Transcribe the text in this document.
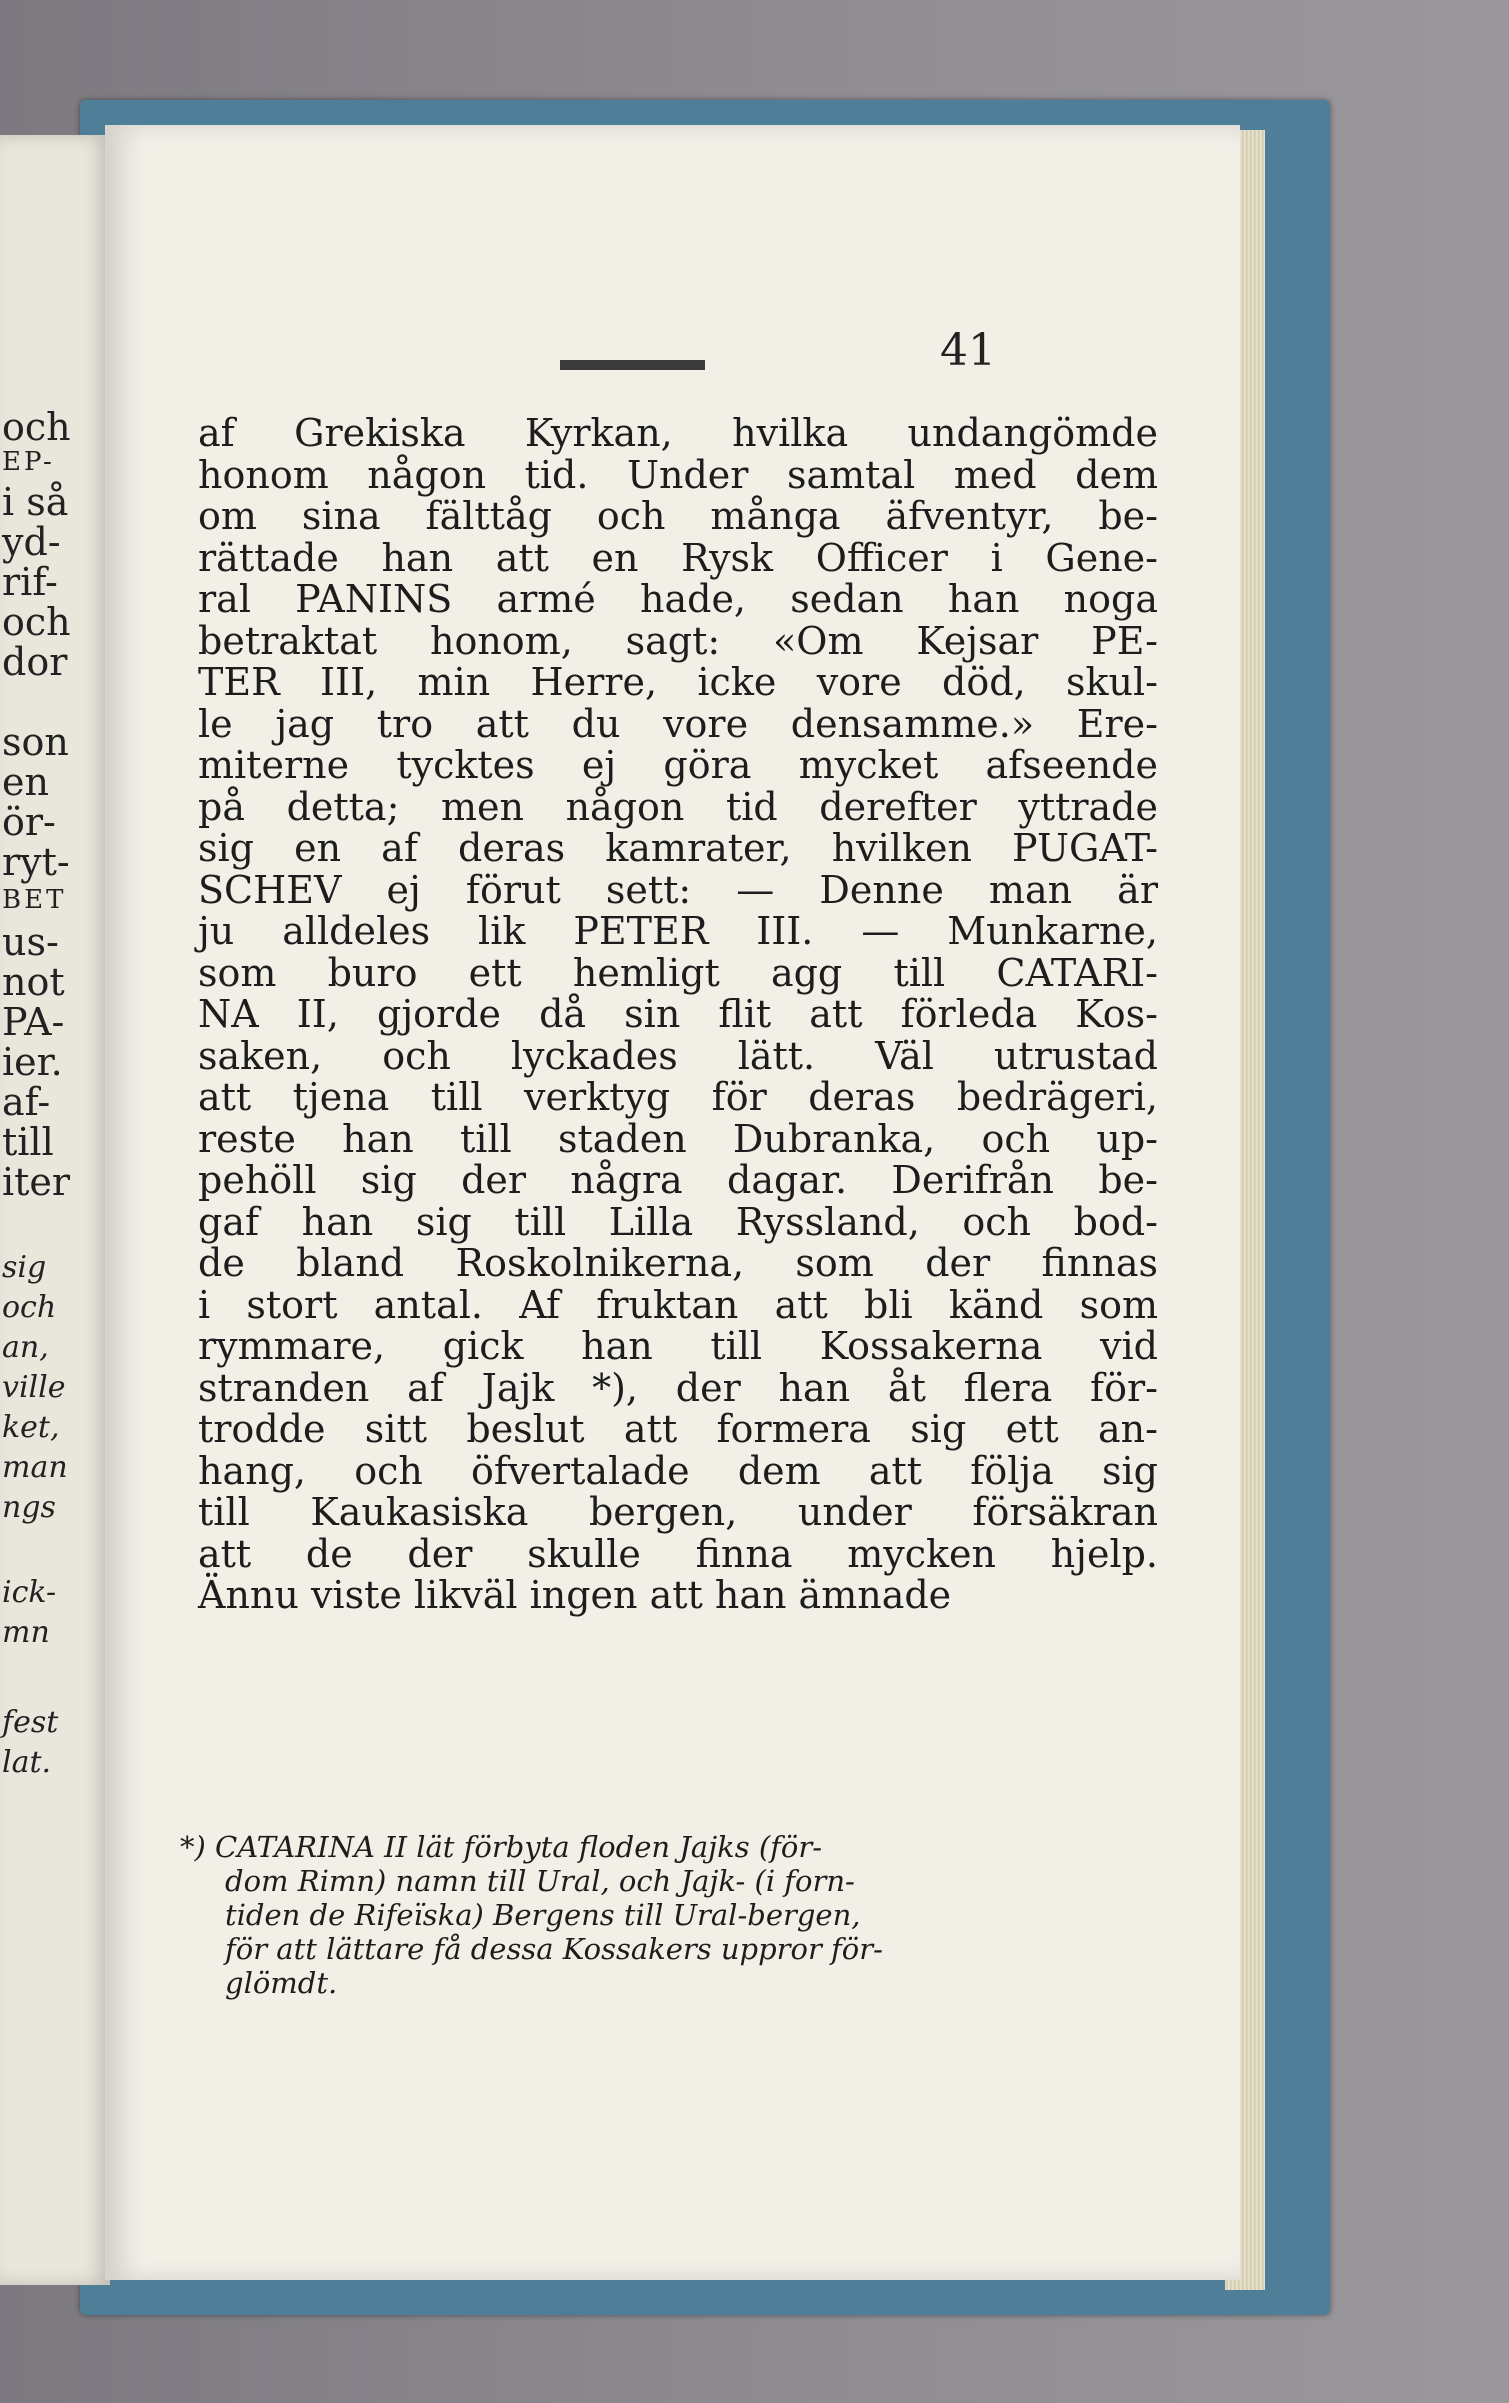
och
EP-
i så
yd-
rif-
och
dor
son
en
ör-
ryt-
BET
us-
not
PA-
ier.
af-
till
iter
sig
och
an,
ville
ket,
man
ngs
ick-
mn
fest
lat.
41
af Grekiska Kyrkan, hvilka undangömde
honom någon tid. Under samtal med dem
om sina fälttåg och många äfventyr, be-
rättade han att en Rysk Officer i Gene-
ral PANINS armé hade, sedan han noga
betraktat honom, sagt: «Om Kejsar PE-
TER III, min Herre, icke vore död, skul-
le jag tro att du vore densamme.» Ere-
miterne tycktes ej göra mycket afseende
på detta; men någon tid derefter yttrade
sig en af deras kamrater, hvilken PUGAT-
SCHEV ej förut sett: — Denne man är
ju alldeles lik PETER III. — Munkarne,
som buro ett hemligt agg till CATARI-
NA II, gjorde då sin flit att förleda Kos-
saken, och lyckades lätt. Väl utrustad
att tjena till verktyg för deras bedrägeri,
reste han till staden Dubranka, och up-
pehöll sig der några dagar. Derifrån be-
gaf han sig till Lilla Ryssland, och bod-
de bland Roskolnikerna, som der finnas
i stort antal. Af fruktan att bli känd som
rymmare, gick han till Kossakerna vid
stranden af Jajk *), der han åt flera för-
trodde sitt beslut att formera sig ett an-
hang, och öfvertalade dem att följa sig
till Kaukasiska bergen, under försäkran
att de der skulle finna mycken hjelp.
Ännu viste likväl ingen att han ämnade
*) CATARINA II lät förbyta floden Jajks (för-
dom Rimn) namn till Ural, och Jajk- (i forn-
tiden de Rifeïska) Bergens till Ural-bergen,
för att lättare få dessa Kossakers uppror för-
glömdt.
